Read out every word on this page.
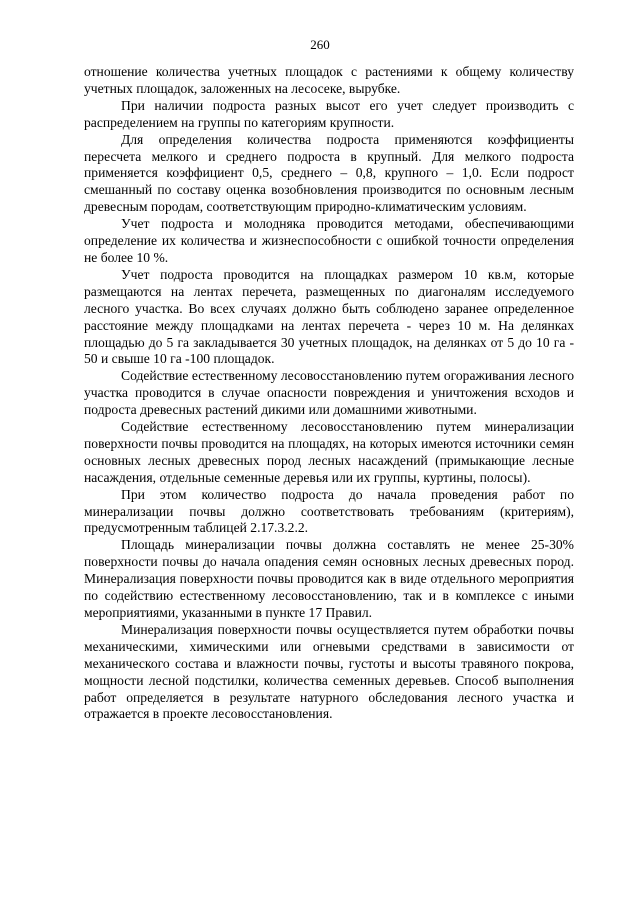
260

отношение количества учетных площадок с растениями к общему количеству учетных площадок, заложенных на лесосеке, вырубке.

При наличии подроста разных высот его учет следует производить с распределением на группы по категориям крупности.

Для определения количества подроста применяются коэффициенты пересчета мелкого и среднего подроста в крупный. Для мелкого подроста применяется коэффициент 0,5, среднего – 0,8, крупного – 1,0. Если подрост смешанный по составу оценка возобновления производится по основным лесным древесным породам, соответствующим природно-климатическим условиям.

Учет подроста и молодняка проводится методами, обеспечивающими определение их количества и жизнеспособности с ошибкой точности определения не более 10 %.

Учет подроста проводится на площадках размером 10 кв.м, которые размещаются на лентах перечета, размещенных по диагоналям исследуемого лесного участка. Во всех случаях должно быть соблюдено заранее определенное расстояние между площадками на лентах перечета - через 10 м. На делянках площадью до 5 га закладывается 30 учетных площадок, на делянках от 5 до 10 га - 50 и свыше 10 га -100 площадок.

Содействие естественному лесовосстановлению путем огораживания лесного участка проводится в случае опасности повреждения и уничтожения всходов и подроста древесных растений дикими или домашними животными.

Содействие естественному лесовосстановлению путем минерализации поверхности почвы проводится на площадях, на которых имеются источники семян основных лесных древесных пород лесных насаждений (примыкающие лесные насаждения, отдельные семенные деревья или их группы, куртины, полосы).

При этом количество подроста до начала проведения работ по минерализации почвы должно соответствовать требованиям (критериям), предусмотренным таблицей 2.17.3.2.2.

Площадь минерализации почвы должна составлять не менее 25-30% поверхности почвы до начала опадения семян основных лесных древесных пород. Минерализация поверхности почвы проводится как в виде отдельного мероприятия по содействию естественному лесовосстановлению, так и в комплексе с иными мероприятиями, указанными в пункте 17 Правил.

Минерализация поверхности почвы осуществляется путем обработки почвы механическими, химическими или огневыми средствами в зависимости от механического состава и влажности почвы, густоты и высоты травяного покрова, мощности лесной подстилки, количества семенных деревьев. Способ выполнения работ определяется в результате натурного обследования лесного участка и отражается в проекте лесовосстановления.
